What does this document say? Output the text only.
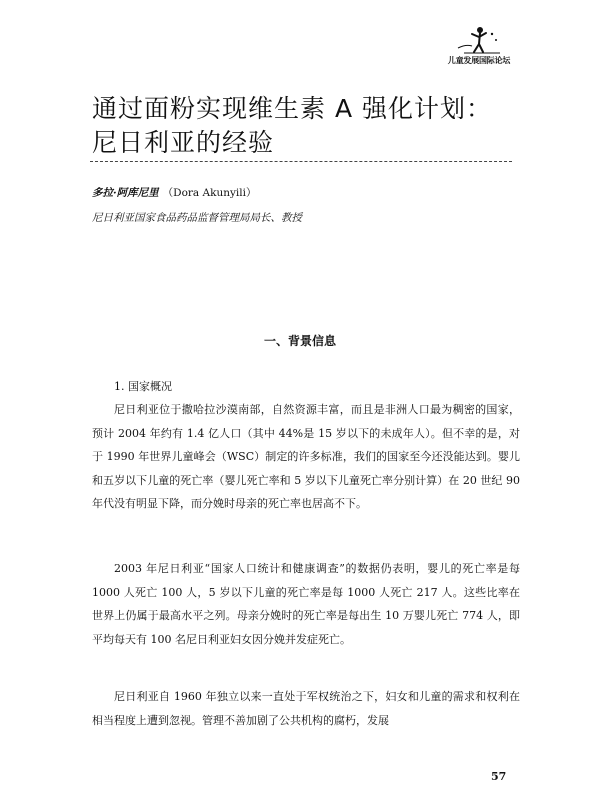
儿童发展国际论坛
通过面粉实现维生素 A 强化计划：
尼日利亚的经验
多拉·阿库尼里 （Dora Akunyili）
尼日利亚国家食品药品监督管理局局长、教授
一、背景信息
1. 国家概况

尼日利亚位于撒哈拉沙漠南部，自然资源丰富，而且是非洲人口最为稠密的国家，预计 2004 年约有 1.4 亿人口（其中 44%是 15 岁以下的未成年人）。但不幸的是，对于 1990 年世界儿童峰会（WSC）制定的许多标准，我们的国家至今还没能达到。婴儿和五岁以下儿童的死亡率（婴儿死亡率和 5 岁以下儿童死亡率分别计算）在 20 世纪 90 年代没有明显下降，而分娩时母亲的死亡率也居高不下。

2003 年尼日利亚“国家人口统计和健康调查”的数据仍表明，婴儿的死亡率是每 1000 人死亡 100 人，5 岁以下儿童的死亡率是每 1000 人死亡 217 人。这些比率在世界上仍属于最高水平之列。母亲分娩时的死亡率是每出生 10 万婴儿死亡 774 人，即平均每天有 100 名尼日利亚妇女因分娩并发症死亡。

尼日利亚自 1960 年独立以来一直处于军权统治之下，妇女和儿童的需求和权利在相当程度上遭到忽视。管理不善加剧了公共机构的腐朽，发展

57
